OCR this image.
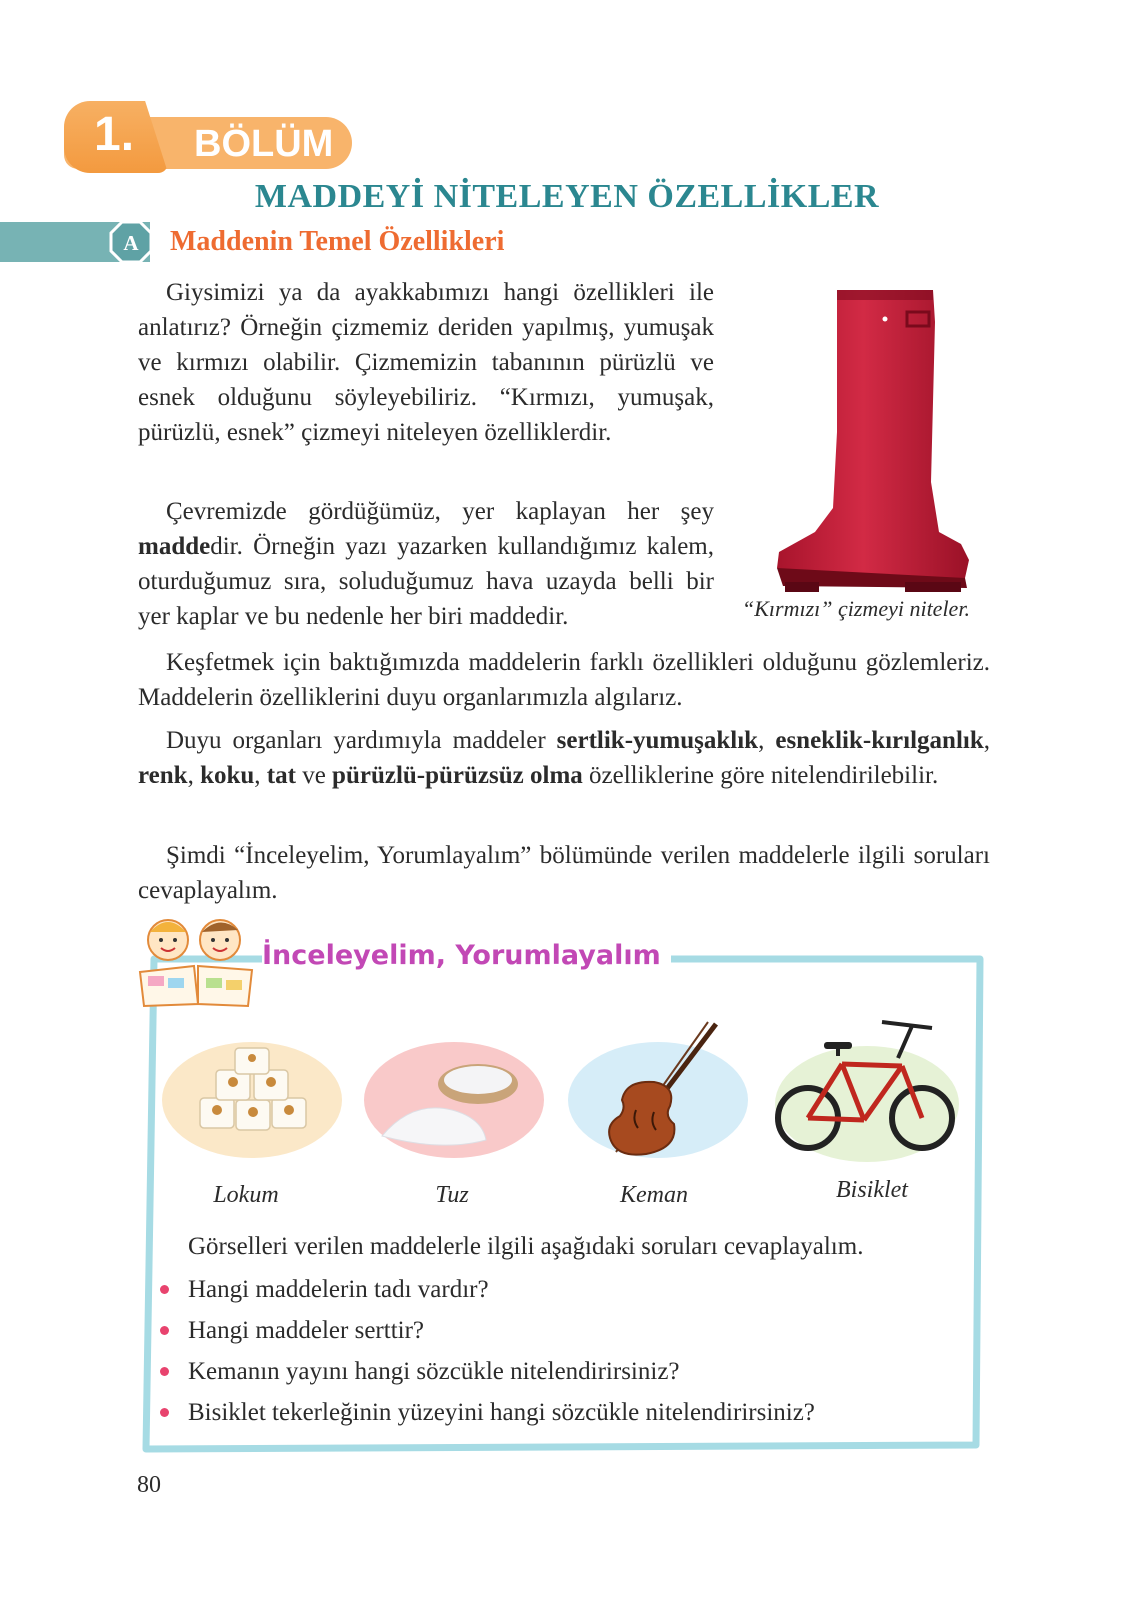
1. BÖLÜM
MADDEYİ NİTELEYEN ÖZELLİKLER
A Maddenin Temel Özellikleri

Giysimizi ya da ayakkabımızı hangi özellikleri ile anlatırız? Örneğin çizmemiz deriden yapılmış, yumuşak ve kırmızı olabilir. Çizmemizin tabanının pürüzlü ve esnek olduğunu söyleyebiliriz. “Kırmızı, yumuşak, pürüzlü, esnek” çizmeyi niteleyen özelliklerdir.

Çevremizde gördüğümüz, yer kaplayan her şey maddedir. Örneğin yazı yazarken kullandığımız kalem, oturduğumuz sıra, soluduğumuz hava uzayda belli bir yer kaplar ve bu nedenle her biri maddedir.	“Kırmızı” çizmeyi niteler.

Keşfetmek için baktığımızda maddelerin farklı özellikleri olduğunu gözlemleriz. Maddelerin özelliklerini duyu organlarımızla algılarız.

Duyu organları yardımıyla maddeler sertlik-yumuşaklık, esneklik-kırılganlık, renk, koku, tat ve pürüzlü-pürüzsüz olma özelliklerine göre nitelendirilebilir.

Şimdi “İnceleyelim, Yorumlayalım” bölümünde verilen maddelerle ilgili soruları cevaplayalım.

İnceleyelim, Yorumlayalım
Lokum	Tuz	Keman	Bisiklet
Görselleri verilen maddelerle ilgili aşağıdaki soruları cevaplayalım.
Hangi maddelerin tadı vardır?
Hangi maddeler serttir?
Kemanın yayını hangi sözcükle nitelendirirsiniz?
Bisiklet tekerleğinin yüzeyini hangi sözcükle nitelendirirsiniz?
80
